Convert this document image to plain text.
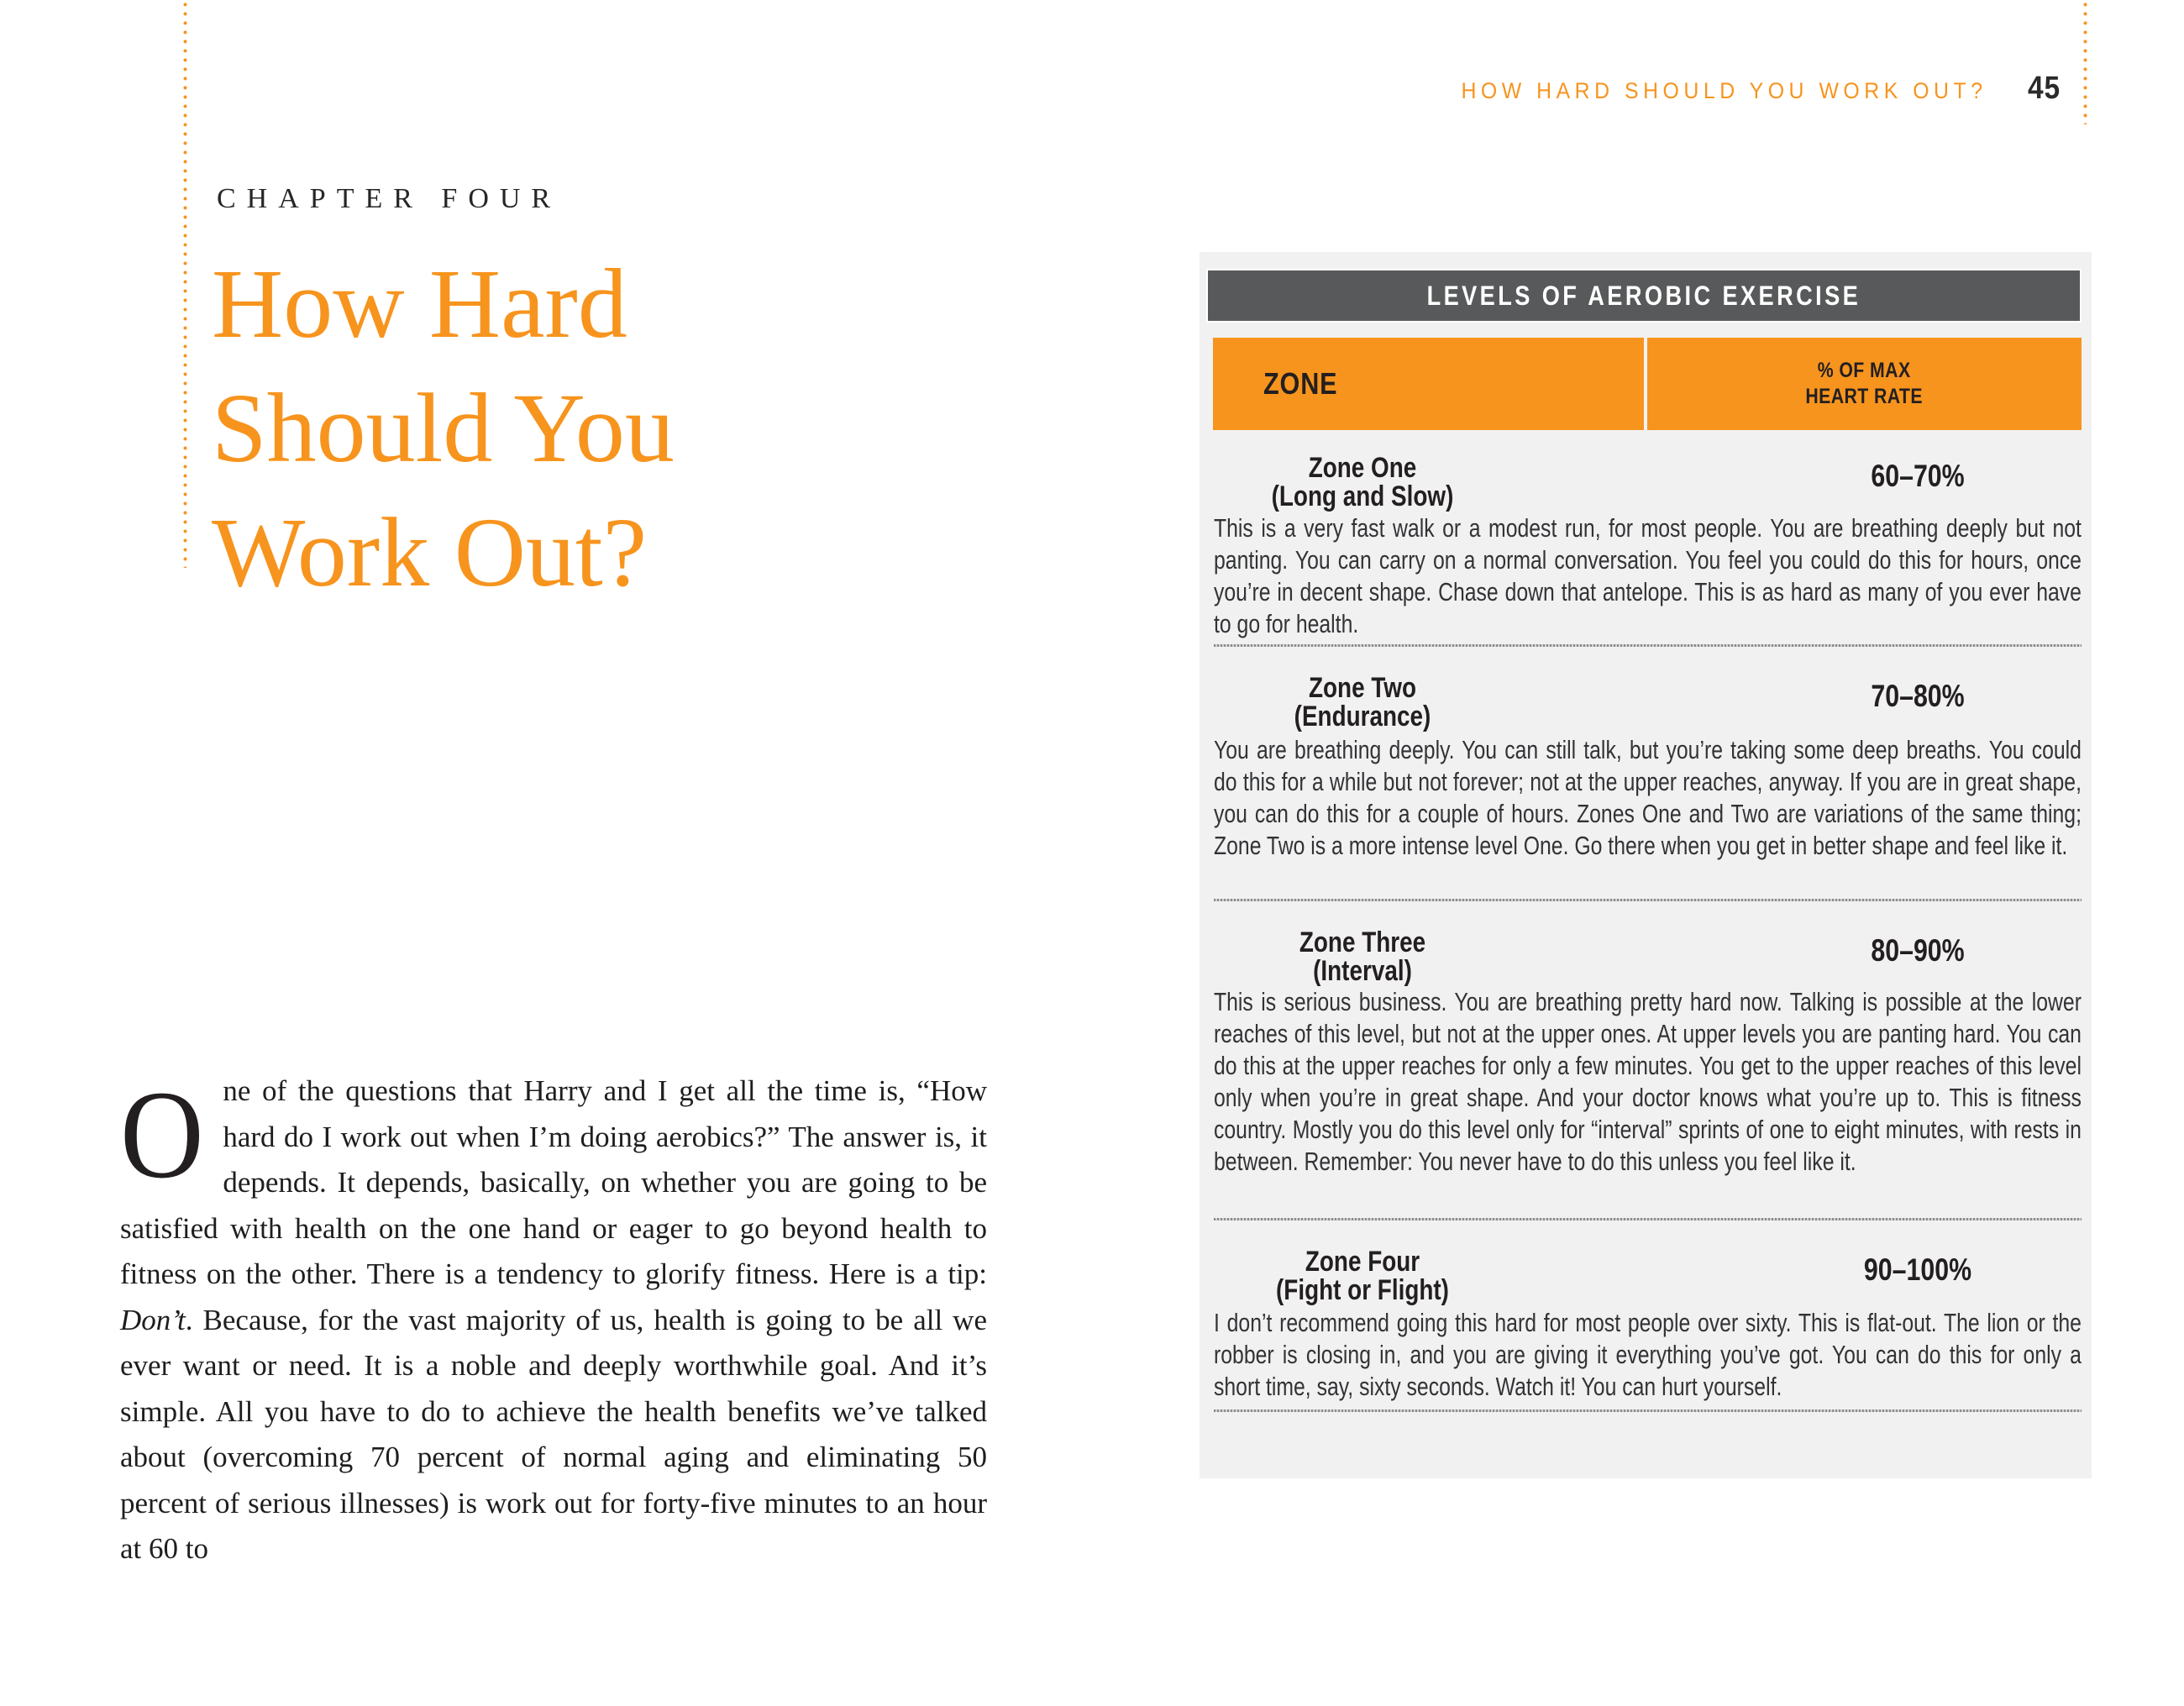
HOW HARD SHOULD YOU WORK OUT? 45
CHAPTER FOUR
How Hard
Should You
Work Out?
One of the questions that Harry and I get all the time is, “How hard do I work out when I’m doing aerobics?” The answer is, it depends. It depends, basically, on whether you are going to be satisfied with health on the one hand or eager to go beyond health to fitness on the other. There is a tendency to glorify fitness. Here is a tip: Don’t. Because, for the vast majority of us, health is going to be all we ever want or need. It is a noble and deeply worthwhile goal. And it’s simple. All you have to do to achieve the health benefits we’ve talked about (overcoming 70 percent of normal aging and eliminating 50 percent of serious illnesses) is work out for forty-five minutes to an hour at 60 to
LEVELS OF AEROBIC EXERCISE
ZONE	% OF MAX
HEART RATE
Zone One
(Long and Slow)
60–70%
This is a very fast walk or a modest run, for most people. You are breathing deeply but not panting. You can carry on a normal conversation. You feel you could do this for hours, once you’re in decent shape. Chase down that antelope. This is as hard as many of you ever have to go for health.
Zone Two
(Endurance)
70–80%
You are breathing deeply. You can still talk, but you’re taking some deep breaths. You could do this for a while but not forever; not at the upper reaches, anyway. If you are in great shape, you can do this for a couple of hours. Zones One and Two are variations of the same thing; Zone Two is a more intense level One. Go there when you get in better shape and feel like it.
Zone Three
(Interval)
80–90%
This is serious business. You are breathing pretty hard now. Talking is possible at the lower reaches of this level, but not at the upper ones. At upper levels you are panting hard. You can do this at the upper reaches for only a few minutes. You get to the upper reaches of this level only when you’re in great shape. And your doctor knows what you’re up to. This is fitness country. Mostly you do this level only for “interval” sprints of one to eight minutes, with rests in between. Remember: You never have to do this unless you feel like it.
Zone Four
(Fight or Flight)
90–100%
I don’t recommend going this hard for most people over sixty. This is flat-out. The lion or the robber is closing in, and you are giving it everything you’ve got. You can do this for only a short time, say, sixty seconds. Watch it! You can hurt yourself.
